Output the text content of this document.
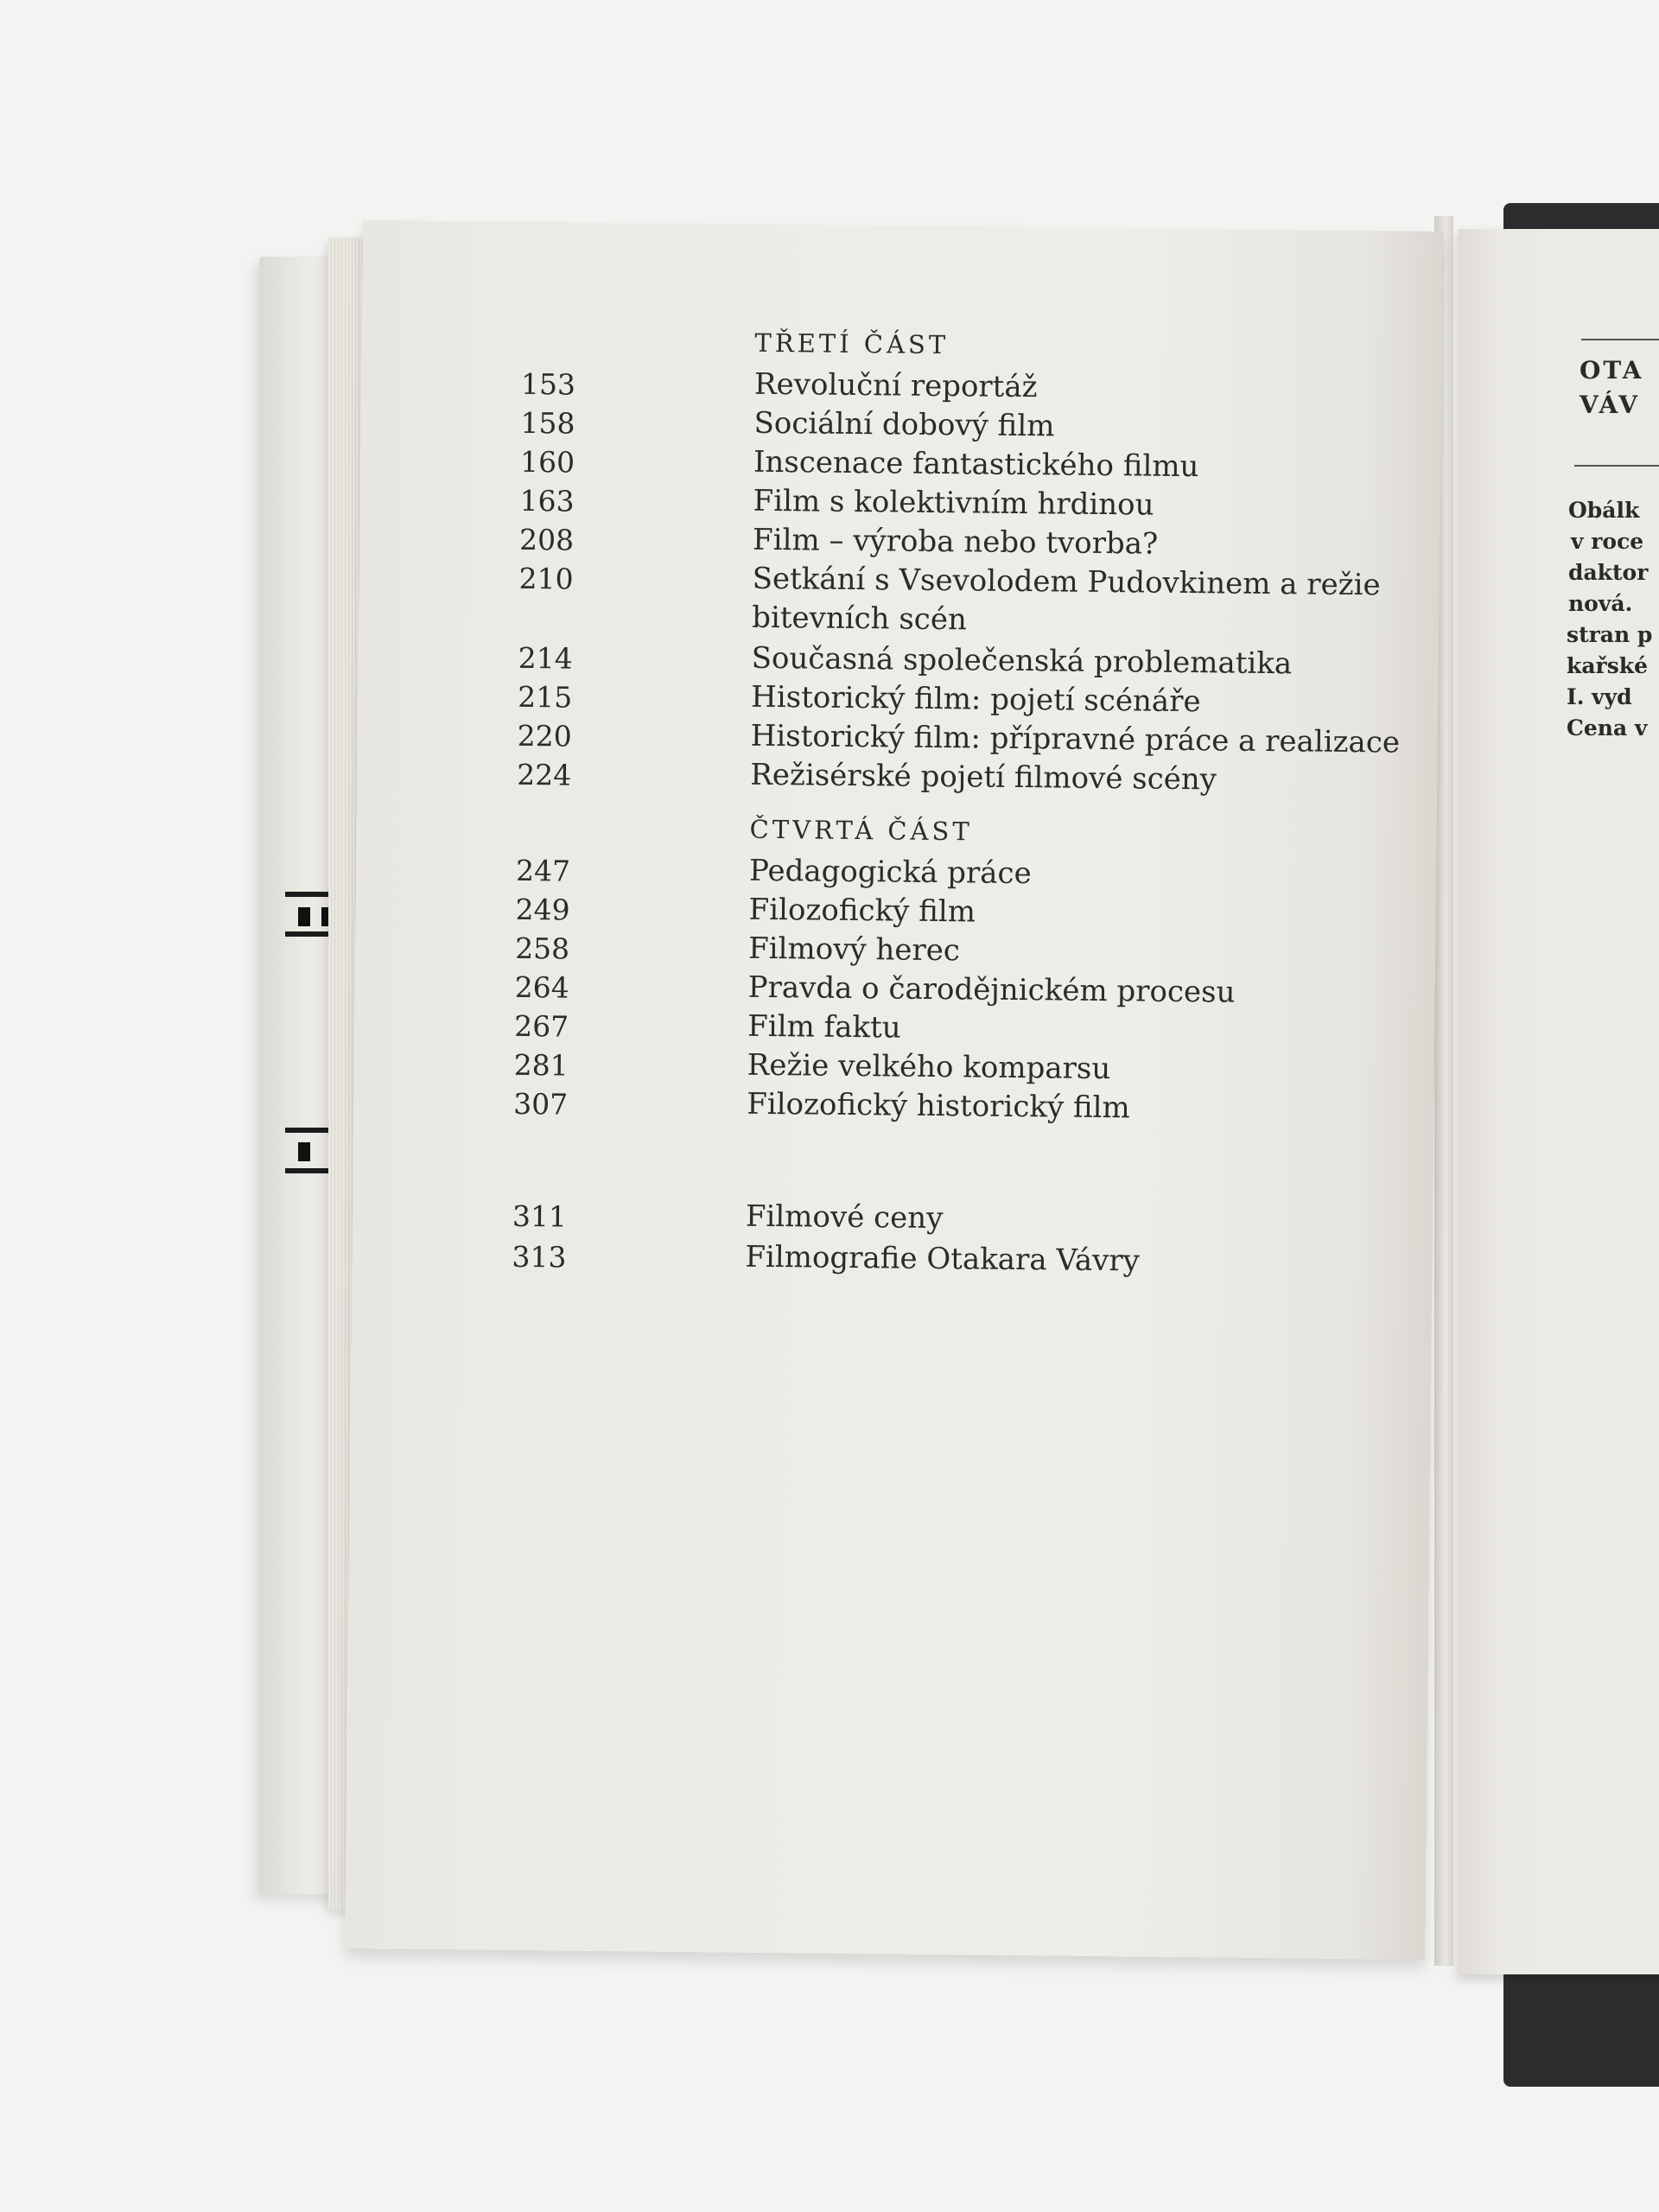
OTA
VÁV
Obálk
v roce
daktor
nová.
stran p
kařské
I. vyd
Cena v
TŘETÍ ČÁST
153	Revoluční reportáž
158	Sociální dobový film
160	Inscenace fantastického filmu
163	Film s kolektivním hrdinou
208	Film – výroba nebo tvorba?
210	Setkání s Vsevolodem Pudovkinem a režie
bitevních scén
214	Současná společenská problematika
215	Historický film: pojetí scénáře
220	Historický film: přípravné práce a realizace
224	Režisérské pojetí filmové scény
ČTVRTÁ ČÁST
247	Pedagogická práce
249	Filozofický film
258	Filmový herec
264	Pravda o čarodějnickém procesu
267	Film faktu
281	Režie velkého komparsu
307	Filozofický historický film
311	Filmové ceny
313	Filmografie Otakara Vávry
